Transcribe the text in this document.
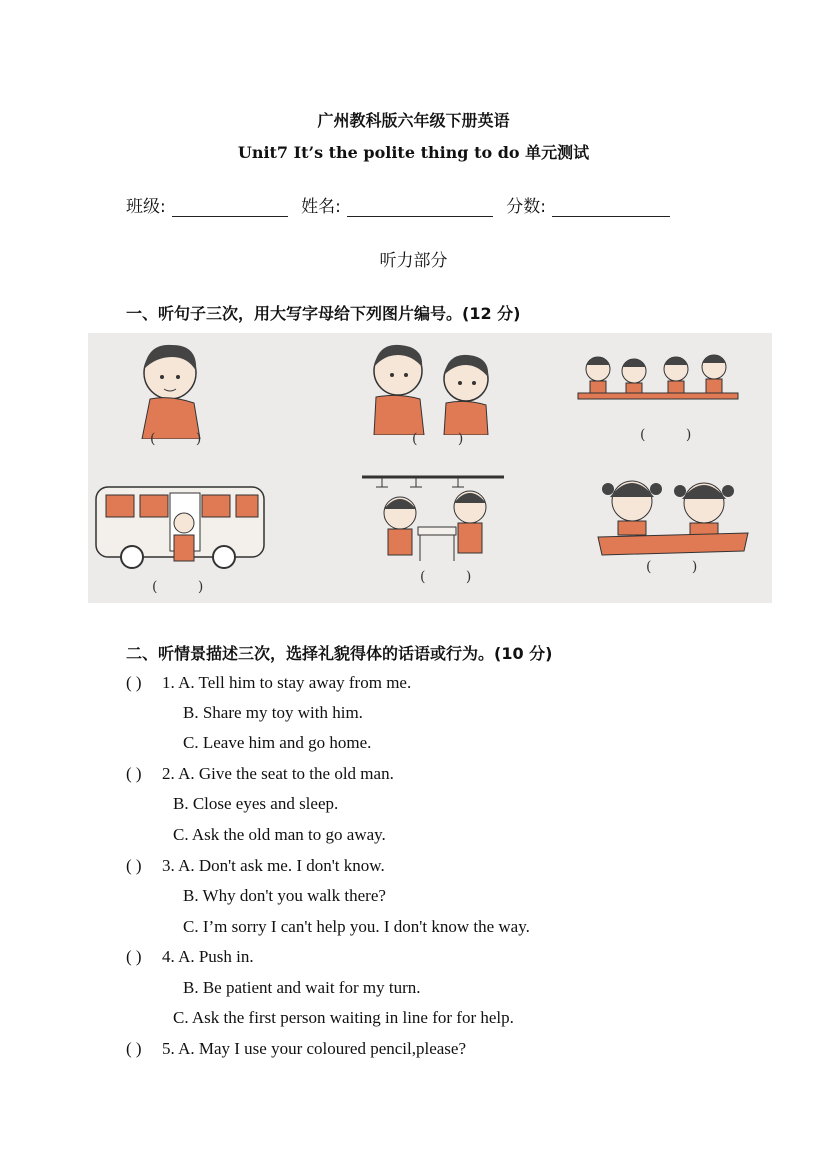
广州教科版六年级下册英语
Unit7 It’s the polite thing to do 单元测试
班级:	姓名:	分数:
听力部分
一、听句子三次，用大写字母给下列图片编号。(12 分)
( )	( )	( )
( )
( )
( )
二、听情景描述三次，选择礼貌得体的话语或行为。(10 分)
( ) 1. A. Tell him to stay away from me.
B. Share my toy with him.
C. Leave him and go home.
( ) 2. A. Give the seat to the old man.
B. Close eyes and sleep.
C. Ask the old man to go away.
( ) 3. A. Don't ask me. I don't know.
B. Why don't you walk there?
C. I’m sorry I can't help you. I don't know the way.
( ) 4. A. Push in.
B. Be patient and wait for my turn.
C. Ask the first person waiting in line for for help.
( ) 5. A. May I use your coloured pencil,please?
